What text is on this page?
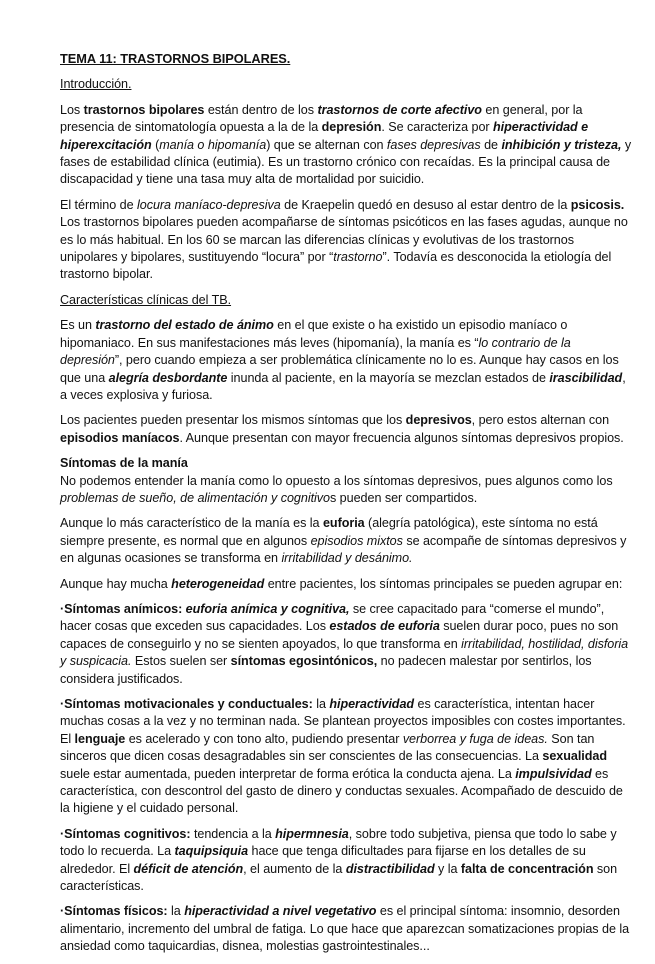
TEMA 11: TRASTORNOS BIPOLARES.

Introducción.

Los trastornos bipolares están dentro de los trastornos de corte afectivo en general, por la presencia de sintomatología opuesta a la de la depresión. Se caracteriza por hiperactividad e hiperexcitación (manía o hipomanía) que se alternan con fases depresivas de inhibición y tristeza, y fases de estabilidad clínica (eutimia). Es un trastorno crónico con recaídas. Es la principal causa de discapacidad y tiene una tasa muy alta de mortalidad por suicidio.

El término de locura maníaco-depresiva de Kraepelin quedó en desuso al estar dentro de la psicosis. Los trastornos bipolares pueden acompañarse de síntomas psicóticos en las fases agudas, aunque no es lo más habitual. En los 60 se marcan las diferencias clínicas y evolutivas de los trastornos unipolares y bipolares, sustituyendo “locura” por “trastorno”. Todavía es desconocida la etiología del trastorno bipolar.

Características clínicas del TB.

Es un trastorno del estado de ánimo en el que existe o ha existido un episodio maníaco o hipomaniaco. En sus manifestaciones más leves (hipomanía), la manía es “lo contrario de la depresión”, pero cuando empieza a ser problemática clínicamente no lo es. Aunque hay casos en los que una alegría desbordante inunda al paciente, en la mayoría se mezclan estados de irascibilidad, a veces explosiva y furiosa.

Los pacientes pueden presentar los mismos síntomas que los depresivos, pero estos alternan con episodios maníacos. Aunque presentan con mayor frecuencia algunos síntomas depresivos propios.

Síntomas de la manía

No podemos entender la manía como lo opuesto a los síntomas depresivos, pues algunos como los problemas de sueño, de alimentación y cognitivos pueden ser compartidos.

Aunque lo más característico de la manía es la euforia (alegría patológica), este síntoma no está siempre presente, es normal que en algunos episodios mixtos se acompañe de síntomas depresivos y en algunas ocasiones se transforma en irritabilidad y desánimo.

Aunque hay mucha heterogeneidad entre pacientes, los síntomas principales se pueden agrupar en:

·Síntomas anímicos: euforia anímica y cognitiva, se cree capacitado para “comerse el mundo”, hacer cosas que exceden sus capacidades. Los estados de euforia suelen durar poco, pues no son capaces de conseguirlo y no se sienten apoyados, lo que transforma en irritabilidad, hostilidad, disforia y suspicacia. Estos suelen ser síntomas egosintónicos, no padecen malestar por sentirlos, los considera justificados.

·Síntomas motivacionales y conductuales: la hiperactividad es característica, intentan hacer muchas cosas a la vez y no terminan nada. Se plantean proyectos imposibles con costes importantes. El lenguaje es acelerado y con tono alto, pudiendo presentar verborrea y fuga de ideas. Son tan sinceros que dicen cosas desagradables sin ser conscientes de las consecuencias. La sexualidad suele estar aumentada, pueden interpretar de forma erótica la conducta ajena. La impulsividad es característica, con descontrol del gasto de dinero y conductas sexuales. Acompañado de descuido de la higiene y el cuidado personal.

·Síntomas cognitivos: tendencia a la hipermnesia, sobre todo subjetiva, piensa que todo lo sabe y todo lo recuerda. La taquipsiquia hace que tenga dificultades para fijarse en los detalles de su alrededor. El déficit de atención, el aumento de la distractibilidad y la falta de concentración son características.

·Síntomas físicos: la hiperactividad a nivel vegetativo es el principal síntoma: insomnio, desorden alimentario, incremento del umbral de fatiga. Lo que hace que aparezcan somatizaciones propias de la ansiedad como taquicardias, disnea, molestias gastrointestinales...
